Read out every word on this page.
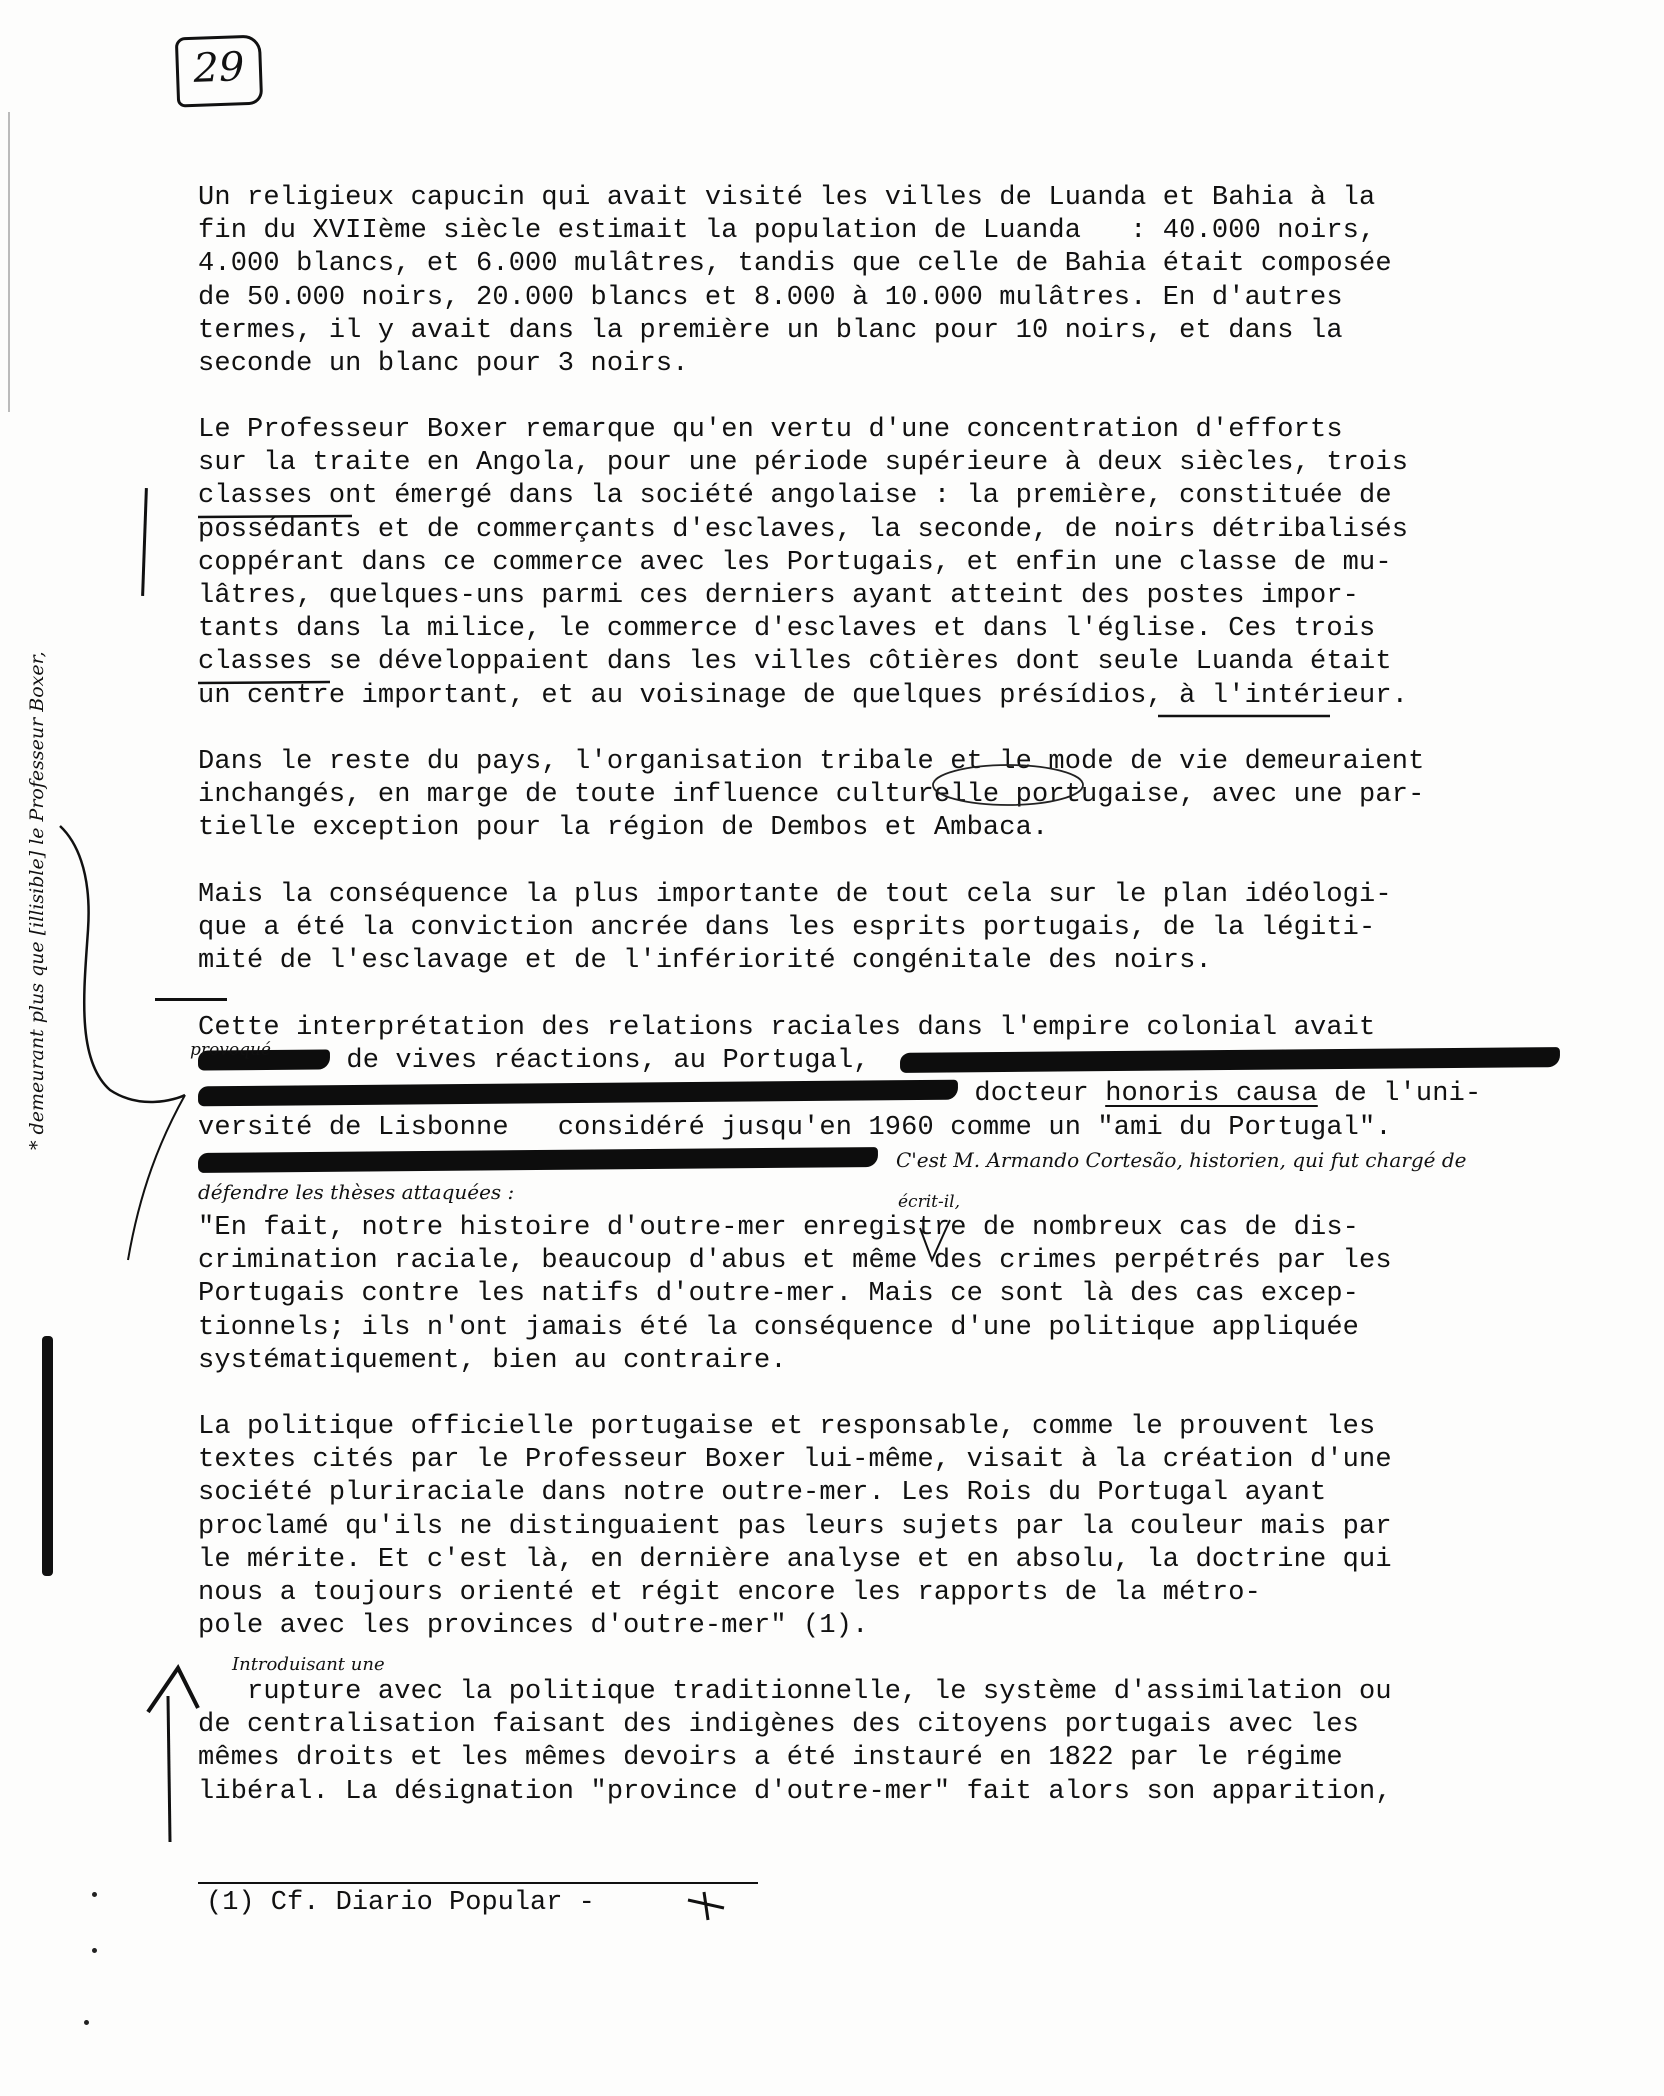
29
Un religieux capucin qui avait visité les villes de Luanda et Bahia à la
fin du XVIIème siècle estimait la population de Luanda   : 40.000 noirs,
4.000 blancs, et 6.000 mulâtres, tandis que celle de Bahia était composée
de 50.000 noirs, 20.000 blancs et 8.000 à 10.000 mulâtres. En d'autres
termes, il y avait dans la première un blanc pour 10 noirs, et dans la
seconde un blanc pour 3 noirs.
Le Professeur Boxer remarque qu'en vertu d'une concentration d'efforts
sur la traite en Angola, pour une période supérieure à deux siècles, trois
classes ont émergé dans la société angolaise : la première, constituée de
possédants et de commerçants d'esclaves, la seconde, de noirs détribalisés
coppérant dans ce commerce avec les Portugais, et enfin une classe de mu-
lâtres, quelques-uns parmi ces derniers ayant atteint des postes impor-
tants dans la milice, le commerce d'esclaves et dans l'église. Ces trois
classes se développaient dans les villes côtières dont seule Luanda était
un centre important, et au voisinage de quelques présídios, à l'intérieur.
Dans le reste du pays, l'organisation tribale et le mode de vie demeuraient
inchangés, en marge de toute influence culturelle portugaise, avec une par-
tielle exception pour la région de Dembos et Ambaca.
Mais la conséquence la plus importante de tout cela sur le plan idéologi-
que a été la conviction ancrée dans les esprits portugais, de la légiti-
mité de l'esclavage et de l'infériorité congénitale des noirs.
Cette interprétation des relations raciales dans l'empire colonial avait
de vives réactions, au Portugal,
docteur honoris causa de l'uni-
versité de Lisbonne   considéré jusqu'en 1960 comme un "ami du Portugal".
"En fait, notre histoire d'outre-mer enregistre de nombreux cas de dis-
crimination raciale, beaucoup d'abus et même des crimes perpétrés par les
Portugais contre les natifs d'outre-mer. Mais ce sont là des cas excep-
tionnels; ils n'ont jamais été la conséquence d'une politique appliquée
systématiquement, bien au contraire.
La politique officielle portugaise et responsable, comme le prouvent les
textes cités par le Professeur Boxer lui-même, visait à la création d'une
société pluriraciale dans notre outre-mer. Les Rois du Portugal ayant
proclamé qu'ils ne distinguaient pas leurs sujets par la couleur mais par
le mérite. Et c'est là, en dernière analyse et en absolu, la doctrine qui
nous a toujours orienté et régit encore les rapports de la métro-
pole avec les provinces d'outre-mer" (1).
rupture avec la politique traditionnelle, le système d'assimilation ou
de centralisation faisant des indigènes des citoyens portugais avec les
mêmes droits et les mêmes devoirs a été instauré en 1822 par le régime
libéral. La désignation "province d'outre-mer" fait alors son apparition,
provoqué
C'est M. Armando Cortesão, historien, qui fut chargé de
défendre les thèses attaquées :	écrit-il,
Introduisant une
* demeurant plus que [illisible] le Professeur Boxer,
(1) Cf. Diario Popular -
